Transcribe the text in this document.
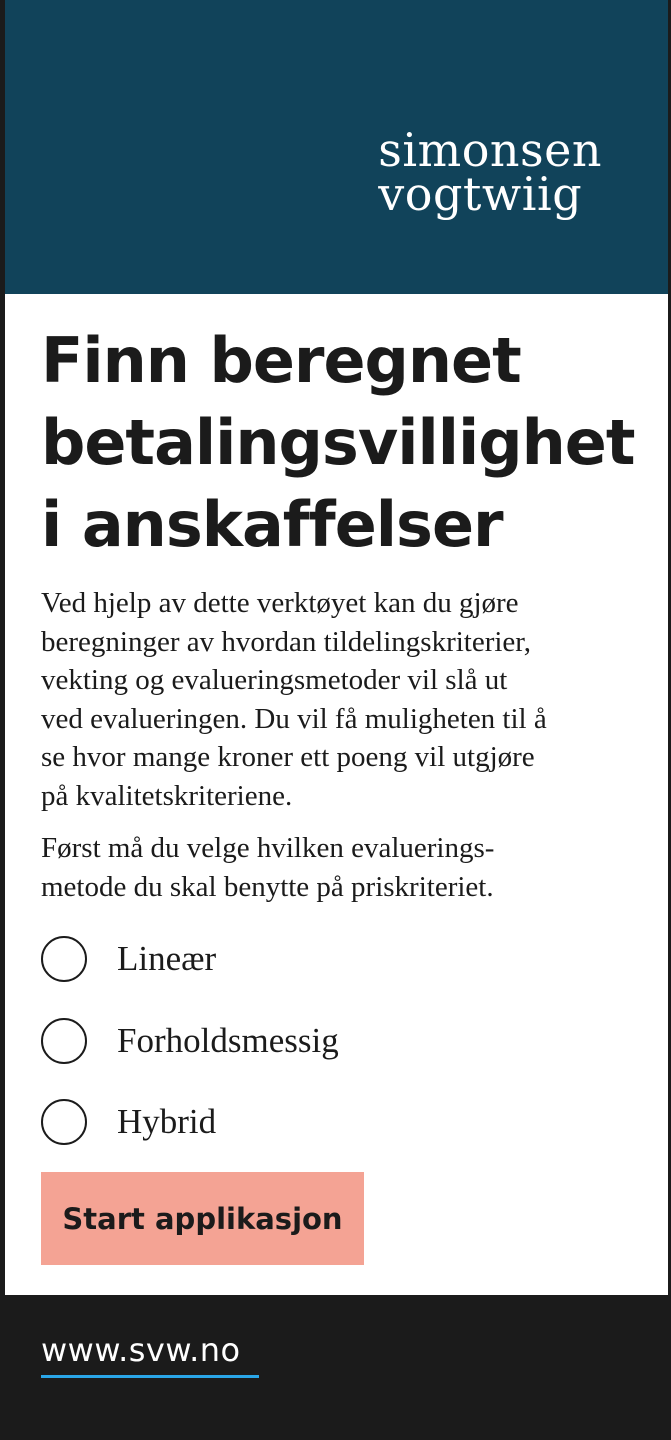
simonsen
vogtwiig
Finn beregnet
betalingsvillighet
i anskaffelser

Ved hjelp av dette verktøyet kan du gjøre
beregninger av hvordan tildelingskriterier,
vekting og evalueringsmetoder vil slå ut
ved evalueringen. Du vil få muligheten til å
se hvor mange kroner ett poeng vil utgjøre
på kvalitetskriteriene.

Først må du velge hvilken evaluerings-
metode du skal benytte på priskriteriet.

Lineær
Forholdsmessig
Hybrid
Start applikasjon
www.svw.no
